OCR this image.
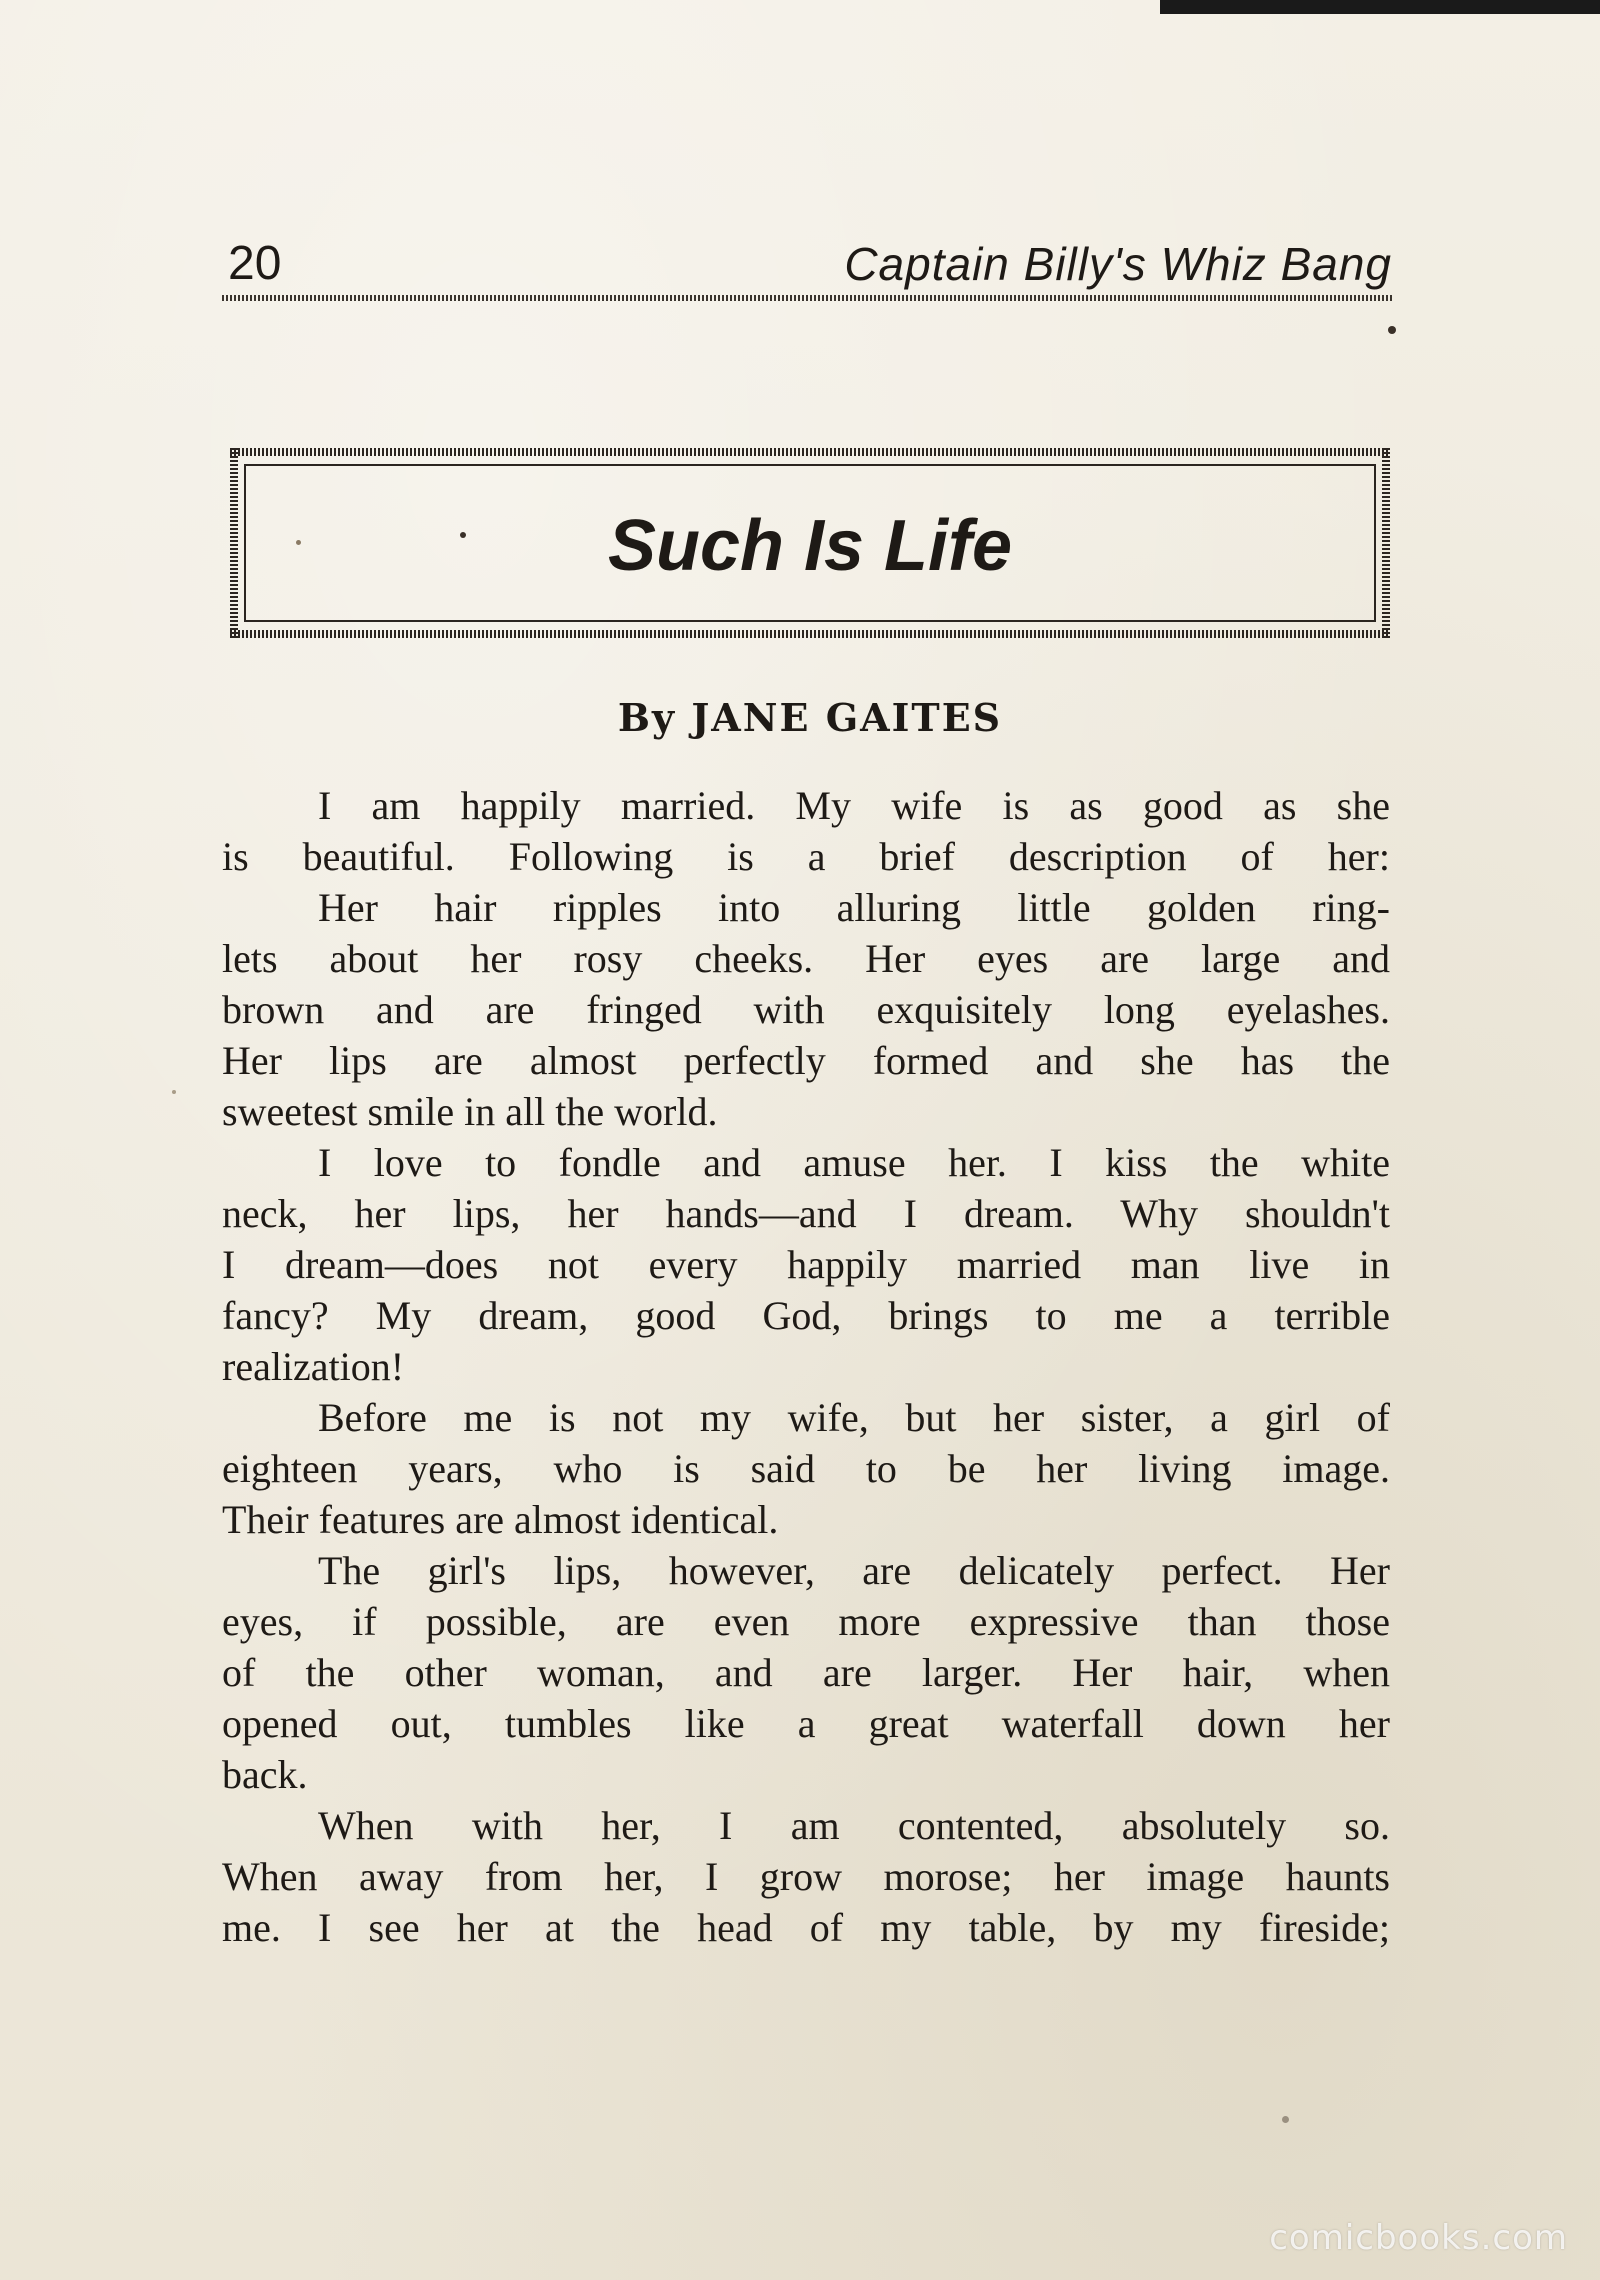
20	Captain Billy's Whiz Bang
Such Is Life
By JANE GAITES
I am happily married. My wife is as good as she
is beautiful. Following is a brief description of her:
Her hair ripples into alluring little golden ring-
lets about her rosy cheeks. Her eyes are large and
brown and are fringed with exquisitely long eyelashes.
Her lips are almost perfectly formed and she has the
sweetest smile in all the world.
I love to fondle and amuse her. I kiss the white
neck, her lips, her hands—and I dream. Why shouldn't
I dream—does not every happily married man live in
fancy? My dream, good God, brings to me a terrible
realization!
Before me is not my wife, but her sister, a girl of
eighteen years, who is said to be her living image.
Their features are almost identical.
The girl's lips, however, are delicately perfect. Her
eyes, if possible, are even more expressive than those
of the other woman, and are larger. Her hair, when
opened out, tumbles like a great waterfall down her
back.
When with her, I am contented, absolutely so.
When away from her, I grow morose; her image haunts
me. I see her at the head of my table, by my fireside;
comicbooks.com
